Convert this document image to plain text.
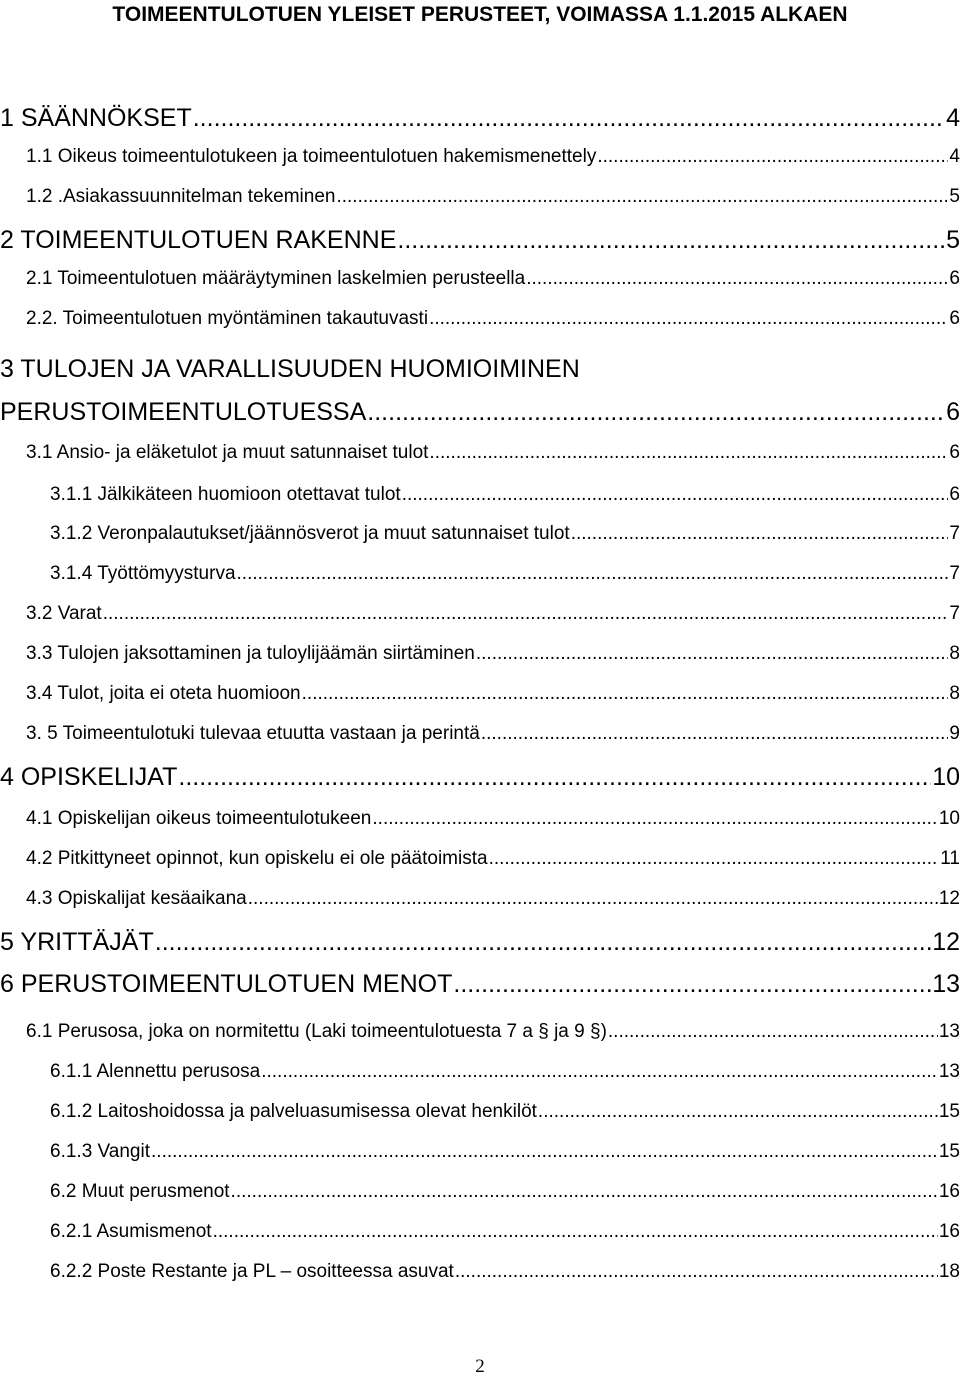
TOIMEENTULOTUEN YLEISET PERUSTEET, VOIMASSA 1.1.2015 ALKAEN
1 SÄÄNNÖKSET .....	4
1.1 Oikeus toimeentulotukeen ja toimeentulotuen hakemismenettely .....	4
1.2 .Asiakassuunnitelman tekeminen .....	5
2 TOIMEENTULOTUEN RAKENNE .....	5
2.1 Toimeentulotuen määräytyminen laskelmien perusteella .....	6
2.2. Toimeentulotuen myöntäminen takautuvasti .....	6
3 TULOJEN JA VARALLISUUDEN HUOMIOIMINEN
PERUSTOIMEENTULOTUESSA .....	6
3.1 Ansio- ja eläketulot ja muut satunnaiset tulot .....	6
3.1.1 Jälkikäteen huomioon otettavat tulot .....	6
3.1.2 Veronpalautukset/jäännösverot ja muut satunnaiset tulot .....	7
3.1.4 Työttömyysturva .....	7
3.2 Varat .....	7
3.3 Tulojen jaksottaminen ja tuloylijäämän siirtäminen .....	8
3.4 Tulot, joita ei oteta huomioon .....	8
3. 5 Toimeentulotuki tulevaa etuutta vastaan ja perintä .....	9
4 OPISKELIJAT .....	10
4.1 Opiskelijan oikeus toimeentulotukeen .....	10
4.2 Pitkittyneet opinnot, kun opiskelu ei ole päätoimista .....	11
4.3 Opiskalijat kesäaikana .....	12
5 YRITTÄJÄT .....	12
6 PERUSTOIMEENTULOTUEN MENOT .....	13
6.1 Perusosa, joka on normitettu (Laki toimeentulotuesta 7 a § ja 9 §) .....	13
6.1.1 Alennettu perusosa .....	13
6.1.2 Laitoshoidossa ja palveluasumisessa olevat henkilöt .....	15
6.1.3 Vangit .....	15
6.2 Muut perusmenot .....	16
6.2.1 Asumismenot .....	16
6.2.2 Poste Restante ja PL – osoitteessa asuvat .....	18
2
